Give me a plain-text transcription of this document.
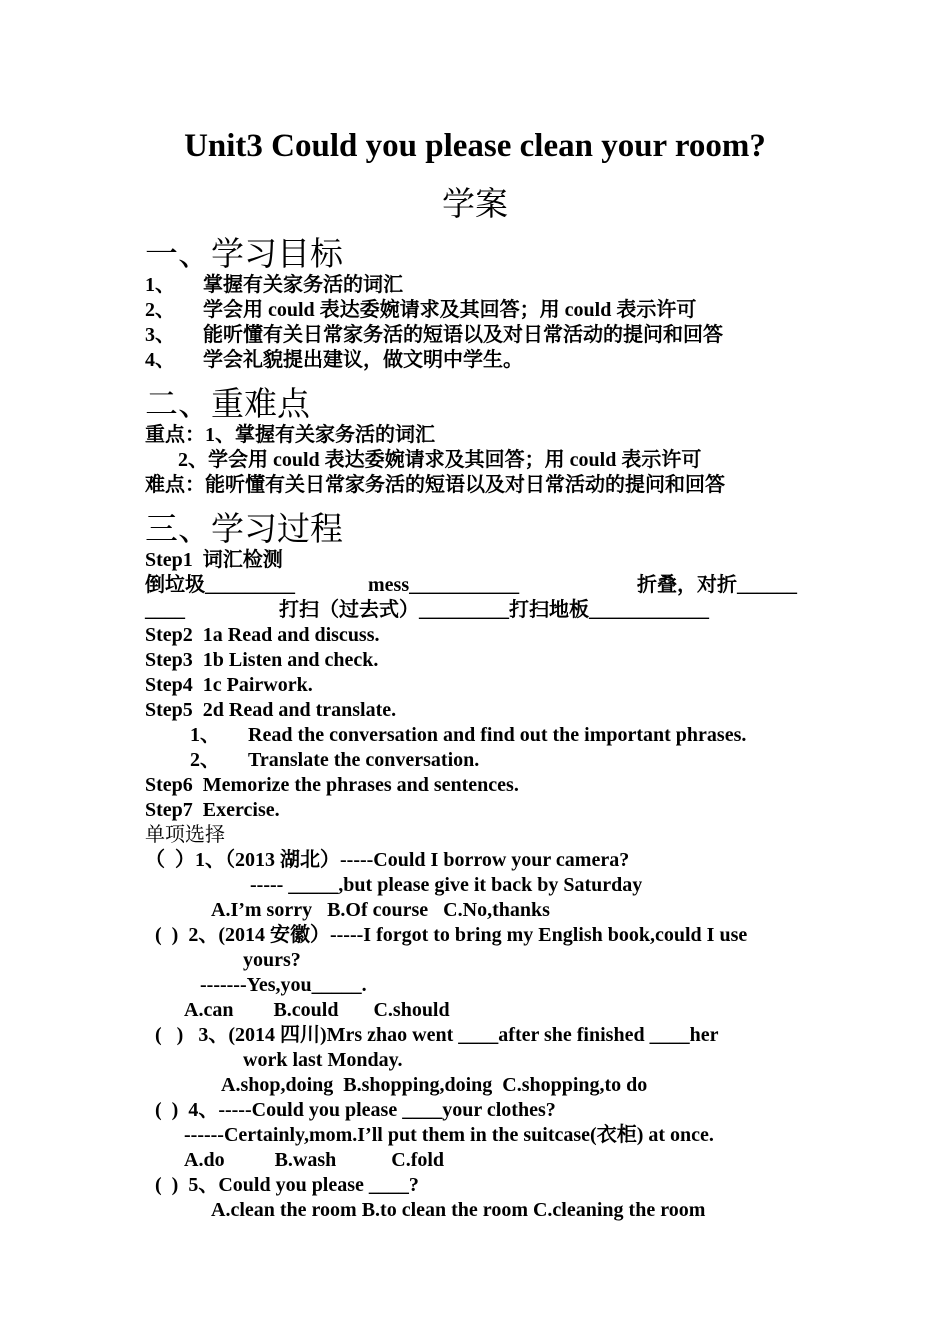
Unit3 Could you please clean your room?
学案
一、学习目标
1、 掌握有关家务活的词汇
2、 学会用 could 表达委婉请求及其回答；用 could 表示许可
3、 能听懂有关日常家务活的短语以及对日常活动的提问和回答
4、 学会礼貌提出建议，做文明中学生。
二、重难点
重点：1、掌握有关家务活的词汇
2、学会用 could 表达委婉请求及其回答；用 could 表示许可
难点：能听懂有关日常家务活的短语以及对日常活动的提问和回答
三、学习过程
Step1  词汇检测
倒垃圾_________	mess___________	折叠，对折______
____	打扫（过去式）_________打扫地板____________
Step2  1a Read and discuss.
Step3  1b Listen and check.
Step4  1c Pairwork.
Step5  2d Read and translate.
1、 Read the conversation and find out the important phrases.
2、 Translate the conversation.
Step6  Memorize the phrases and sentences.
Step7  Exercise.
单项选择
（  ）1、（2013 湖北）-----Could I borrow your camera?
----- _____,but please give it back by Saturday
A.I’m sorry   B.Of course   C.No,thanks
(  )  2、(2014 安徽）-----I forgot to bring my English book,could I use
yours?
-------Yes,you_____.
A.can        B.could       C.should
(   )   3、(2014 四川)Mrs zhao went ____after she finished ____her
work last Monday.
A.shop,doing  B.shopping,doing  C.shopping,to do
(  )  4、-----Could you please ____your clothes?
------Certainly,mom.I’ll put them in the suitcase(衣柜) at once.
A.do          B.wash           C.fold
(  )  5、Could you please ____?
A.clean the room B.to clean the room C.cleaning the room
